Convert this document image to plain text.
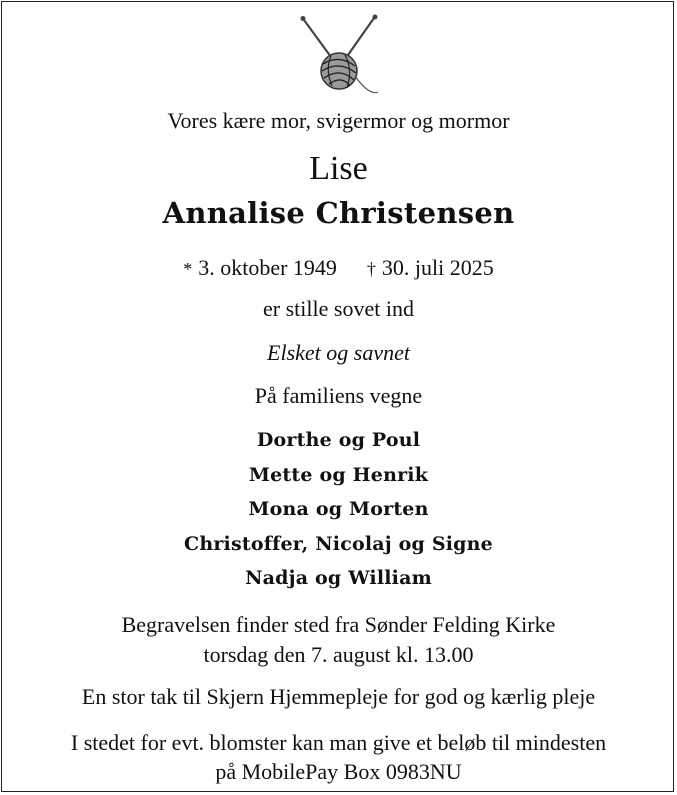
Vores kære mor, svigermor og mormor
Lise
Annalise Christensen
* 3. oktober 1949 † 30. juli 2025
er stille sovet ind
Elsket og savnet
På familiens vegne
Dorthe og Poul
Mette og Henrik
Mona og Morten
Christoffer, Nicolaj og Signe
Nadja og William
Begravelsen finder sted fra Sønder Felding Kirke
torsdag den 7. august kl. 13.00
En stor tak til Skjern Hjemmepleje for god og kærlig pleje
I stedet for evt. blomster kan man give et beløb til mindesten
på MobilePay Box 0983NU
